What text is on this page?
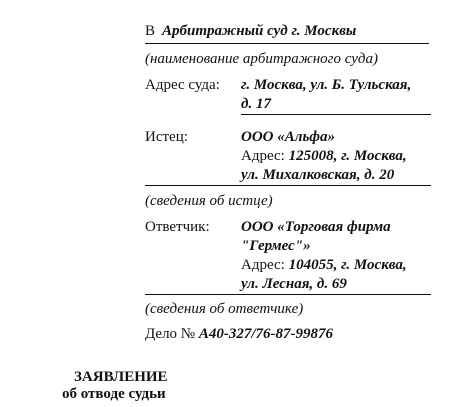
В Арбитражный суд г. Москвы
(наименование арбитражного суда)
Адрес суда: г. Москва, ул. Б. Тульская,
д. 17
Истец:	ООО «Альфа»
Адрес: 125008, г. Москва,
ул. Михалковская, д. 20
(сведения об истце)
Ответчик: ООО «Торговая фирма
"Гермес"»
Адрес: 104055, г. Москва,
ул. Лесная, д. 69
(сведения об ответчике)
Дело № А40-327/76-87-99876
ЗАЯВЛЕНИЕ
об отводе судьи
